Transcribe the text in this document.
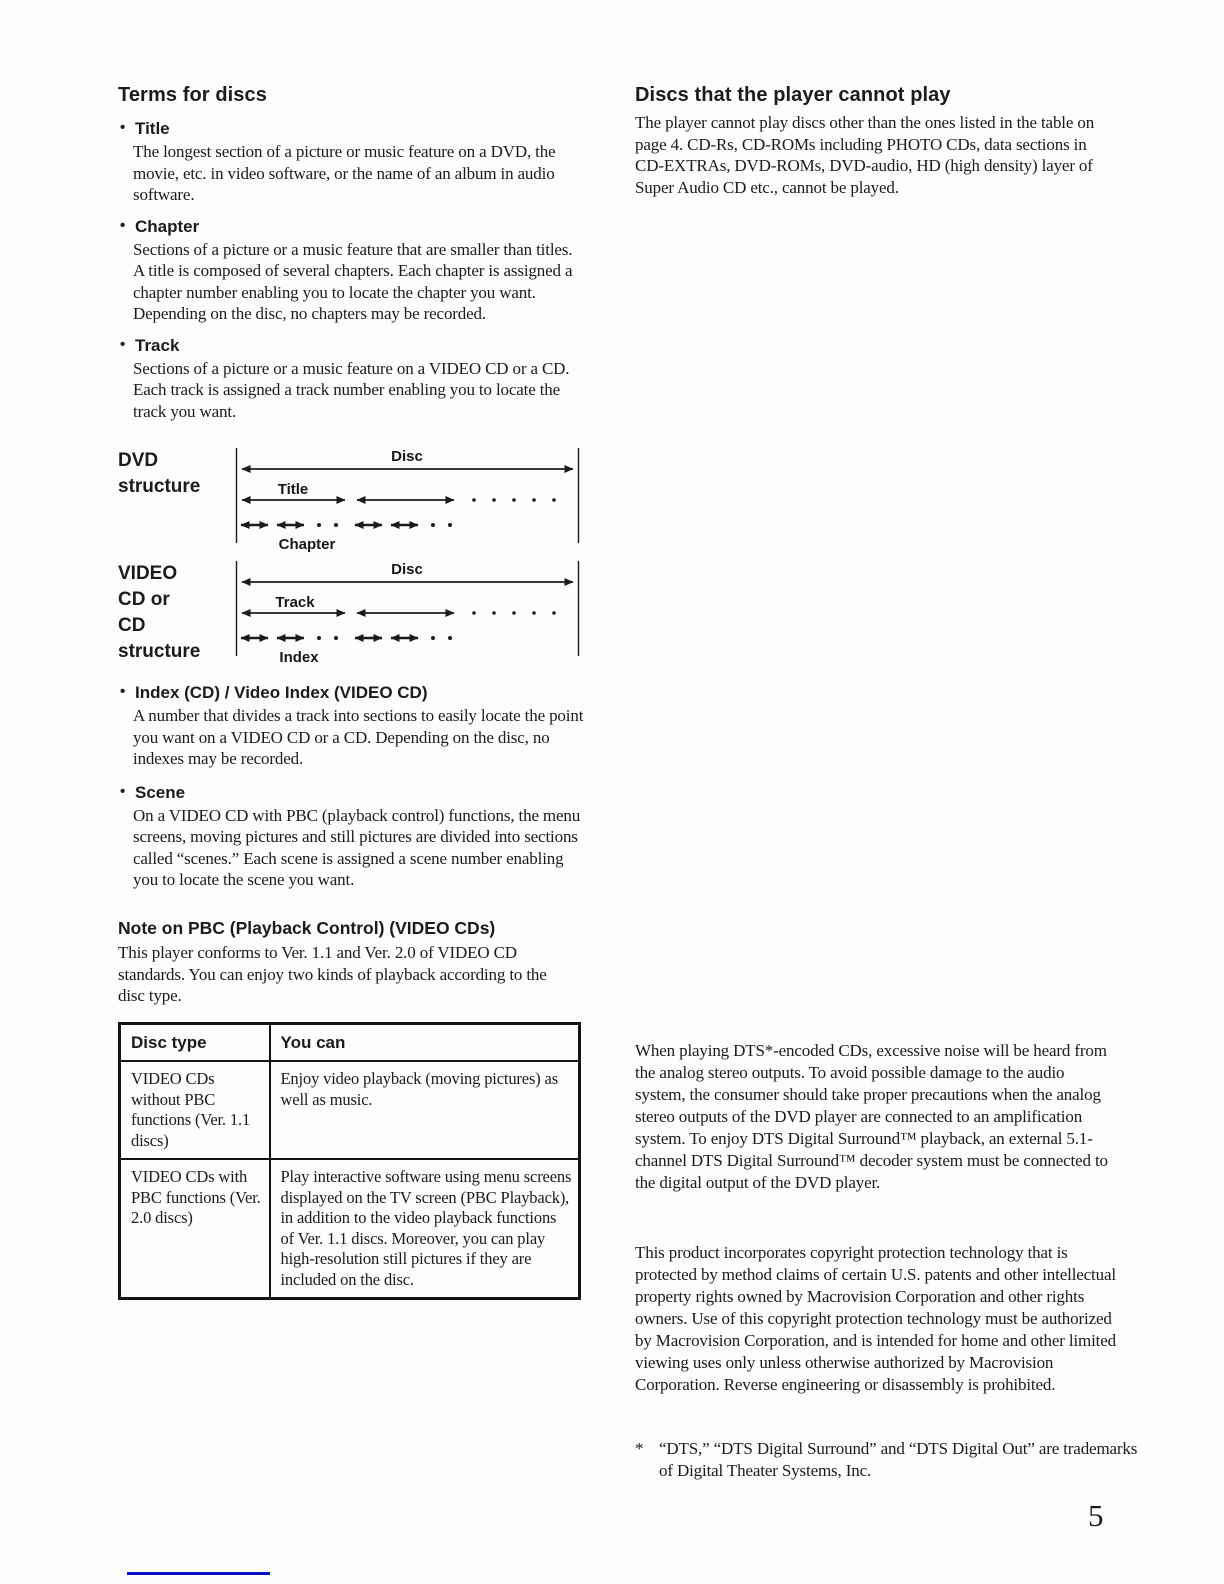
Terms for discs
• Title

The longest section of a picture or music feature on a DVD, the movie, etc. in video software, or the name of an album in audio software.

• Chapter

Sections of a picture or a music feature that are smaller than titles. A title is composed of several chapters. Each chapter is assigned a chapter number enabling you to locate the chapter you want. Depending on the disc, no chapters may be recorded.

• Track

Sections of a picture or a music feature on a VIDEO CD or a CD. Each track is assigned a track number enabling you to locate the track you want.

DVD
structure
Disc
Title
Chapter
VIDEO
CD or
CD
structure
Disc
Track
Index
• Index (CD) / Video Index (VIDEO CD)

A number that divides a track into sections to easily locate the point you want on a VIDEO CD or a CD. Depending on the disc, no indexes may be recorded.

• Scene

On a VIDEO CD with PBC (playback control) functions, the menu screens, moving pictures and still pictures are divided into sections called “scenes.” Each scene is assigned a scene number enabling you to locate the scene you want.

Note on PBC (Playback Control) (VIDEO CDs)

This player conforms to Ver. 1.1 and Ver. 2.0 of VIDEO CD standards. You can enjoy two kinds of playback according to the disc type.

Disc type	You can
VIDEO CDs without PBC functions (Ver. 1.1 discs)	Enjoy video playback (moving pictures) as well as music.
VIDEO CDs with PBC functions (Ver. 2.0 discs)	Play interactive software using menu screens displayed on the TV screen (PBC Playback), in addition to the video playback functions of Ver. 1.1 discs. Moreover, you can play high-resolution still pictures if they are included on the disc.
Discs that the player cannot play

The player cannot play discs other than the ones listed in the table on page 4. CD-Rs, CD-ROMs including PHOTO CDs, data sections in CD-EXTRAs, DVD-ROMs, DVD-audio, HD (high density) layer of Super Audio CD etc., cannot be played.

When playing DTS*-encoded CDs, excessive noise will be heard from the analog stereo outputs. To avoid possible damage to the audio system, the consumer should take proper precautions when the analog stereo outputs of the DVD player are connected to an amplification system. To enjoy DTS Digital Surround™ playback, an external 5.1-channel DTS Digital Surround™ decoder system must be connected to the digital output of the DVD player.

This product incorporates copyright protection technology that is protected by method claims of certain U.S. patents and other intellectual property rights owned by Macrovision Corporation and other rights owners. Use of this copyright protection technology must be authorized by Macrovision Corporation, and is intended for home and other limited viewing uses only unless otherwise authorized by Macrovision Corporation. Reverse engineering or disassembly is prohibited.

* “DTS,” “DTS Digital Surround” and “DTS Digital Out” are trademarks of Digital Theater Systems, Inc.
5
